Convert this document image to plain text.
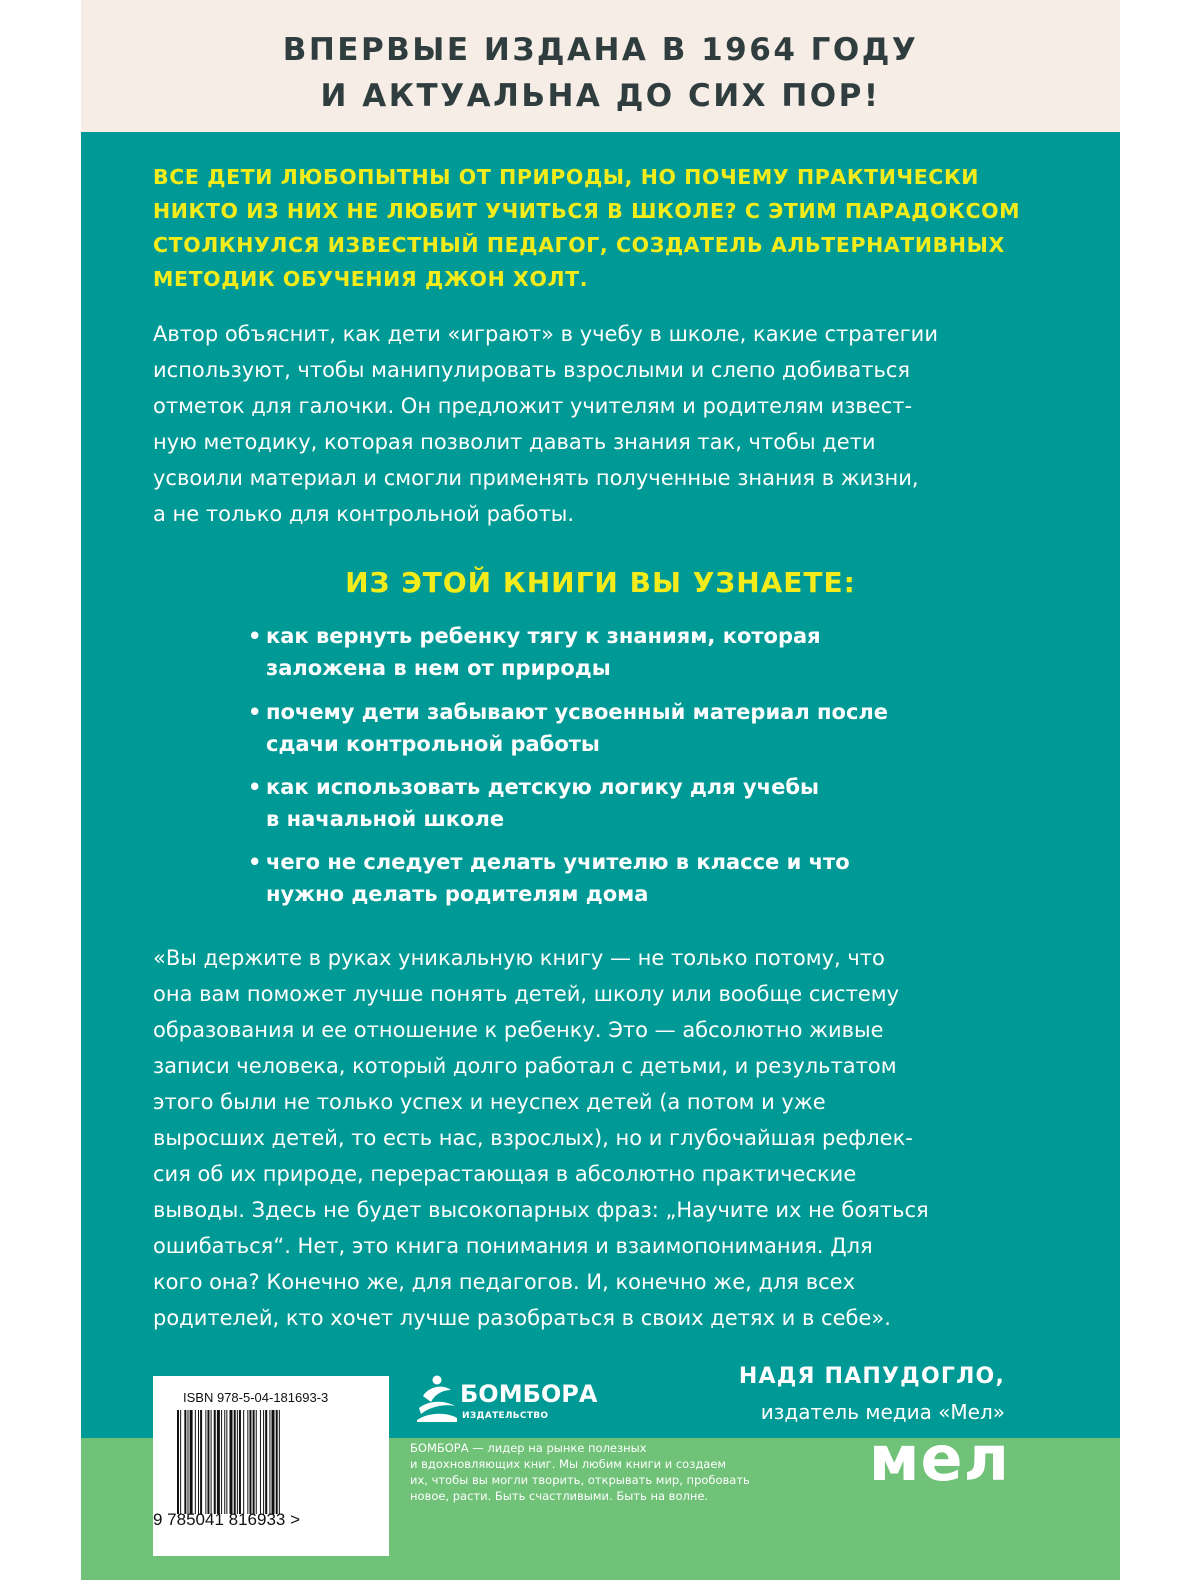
ВПЕРВЫЕ ИЗДАНА В 1964 ГОДУ
И АКТУАЛЬНА ДО СИХ ПОР!
ВСЕ ДЕТИ ЛЮБОПЫТНЫ ОТ ПРИРОДЫ, НО ПОЧЕМУ ПРАКТИЧЕСКИ
НИКТО ИЗ НИХ НЕ ЛЮБИТ УЧИТЬСЯ В ШКОЛЕ? С ЭТИМ ПАРАДОКСОМ
СТОЛКНУЛСЯ ИЗВЕСТНЫЙ ПЕДАГОГ, СОЗДАТЕЛЬ АЛЬТЕРНАТИВНЫХ
МЕТОДИК ОБУЧЕНИЯ ДЖОН ХОЛТ.
Автор объяснит, как дети «играют» в учебу в школе, какие стратегии
используют, чтобы манипулировать взрослыми и слепо добиваться
отметок для галочки. Он предложит учителям и родителям извест-
ную методику, которая позволит давать знания так, чтобы дети
усвоили материал и смогли применять полученные знания в жизни,
а не только для контрольной работы.
ИЗ ЭТОЙ КНИГИ ВЫ УЗНАЕТЕ:
• как вернуть ребенку тягу к знаниям, которая
заложена в нем от природы
• почему дети забывают усвоенный материал после
сдачи контрольной работы
• как использовать детскую логику для учебы
в начальной школе
• чего не следует делать учителю в классе и что
нужно делать родителям дома
«Вы держите в руках уникальную книгу — не только потому, что
она вам поможет лучше понять детей, школу или вообще систему
образования и ее отношение к ребенку. Это — абсолютно живые
записи человека, который долго работал с детьми, и результатом
этого были не только успех и неуспех детей (а потом и уже
выросших детей, то есть нас, взрослых), но и глубочайшая рефлек-
сия об их природе, перерастающая в абсолютно практические
выводы. Здесь не будет высокопарных фраз: „Научите их не бояться
ошибаться“. Нет, это книга понимания и взаимопонимания. Для
кого она? Конечно же, для педагогов. И, конечно же, для всех
родителей, кто хочет лучше разобраться в своих детях и в себе».
НАДЯ ПАПУДОГЛО,
издатель медиа «Мел»
мел
БОМБОРА
ИЗДАТЕЛЬСТВО
БОМБОРА — лидер на рынке полезных
и вдохновляющих книг. Мы любим книги и создаем
их, чтобы вы могли творить, открывать мир, пробовать
новое, расти. Быть счастливыми. Быть на волне.
ISBN 978-5-04-181693-3
9 785041 816933 >
